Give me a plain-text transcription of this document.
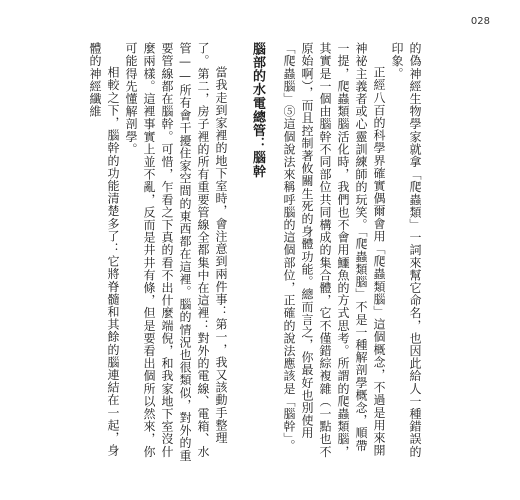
028

的偽神經生物學家就拿「爬蟲類」一詞來幫它命名，也因此給人一種錯誤的印象。

正經八百的科學界確實偶爾會用「爬蟲類腦」這個概念，不過是用來開神祕主義者或心靈訓練師的玩笑。「爬蟲類腦」不是一種解剖學概念，順帶一提，爬蟲類腦活化時，我們也不會用鱷魚的方式思考。所謂的爬蟲類腦，其實是一個由腦幹不同部位共同構成的集合體，它不僅錯綜複雜（一點也不原始啊），而且控制著攸關生死的身體功能。總而言之，你最好也別使用「爬蟲腦」⑤這個說法來稱呼腦的這個部位，正確的說法應該是「腦幹」。

腦部的水電總管：腦幹

當我走到家裡的地下室時，會注意到兩件事：第一，我又該動手整理了。第二，房子裡的所有重要管線全都集中在這裡：對外的電線、電箱、水管——所有會干擾住家空間的東西都在這裡。腦的情況也很類似，對外的重要管線都在腦幹。可惜，乍看之下真的看不出什麼端倪，和我家地下室沒什麼兩樣。這裡事實上並不亂，反而是井井有條，但是要看出個所以然來，你可能得先懂解剖學。

相較之下，腦幹的功能清楚多了：它將脊髓和其餘的腦連結在一起，身體的神經纖維
